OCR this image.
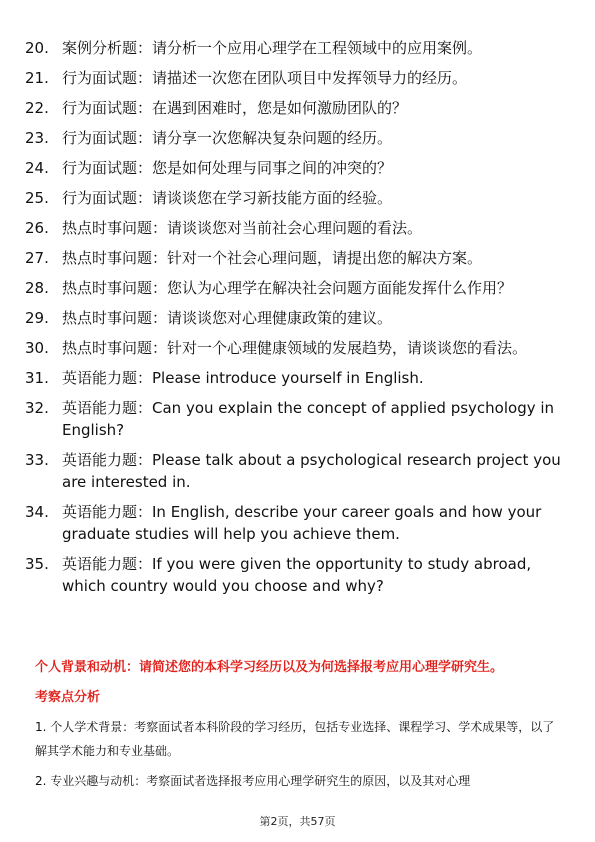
20. 案例分析题：请分析一个应用心理学在工程领域中的应用案例。
21. 行为面试题：请描述一次您在团队项目中发挥领导力的经历。
22. 行为面试题：在遇到困难时，您是如何激励团队的？
23. 行为面试题：请分享一次您解决复杂问题的经历。
24. 行为面试题：您是如何处理与同事之间的冲突的？
25. 行为面试题：请谈谈您在学习新技能方面的经验。
26. 热点时事问题：请谈谈您对当前社会心理问题的看法。
27. 热点时事问题：针对一个社会心理问题，请提出您的解决方案。
28. 热点时事问题：您认为心理学在解决社会问题方面能发挥什么作用？
29. 热点时事问题：请谈谈您对心理健康政策的建议。
30. 热点时事问题：针对一个心理健康领域的发展趋势，请谈谈您的看法。
31. 英语能力题：Please introduce yourself in English.
32. 英语能力题：Can you explain the concept of applied psychology in English?
33. 英语能力题：Please talk about a psychological research project you are interested in.
34. 英语能力题：In English, describe your career goals and how your graduate studies will help you achieve them.
35. 英语能力题：If you were given the opportunity to study abroad, which country would you choose and why?
个人背景和动机：请简述您的本科学习经历以及为何选择报考应用心理学研究生。
考察点分析
1. 个人学术背景：考察面试者本科阶段的学习经历，包括专业选择、课程学习、学术成果等，以了解其学术能力和专业基础。
2. 专业兴趣与动机：考察面试者选择报考应用心理学研究生的原因，以及其对心理
第2页，共57页
